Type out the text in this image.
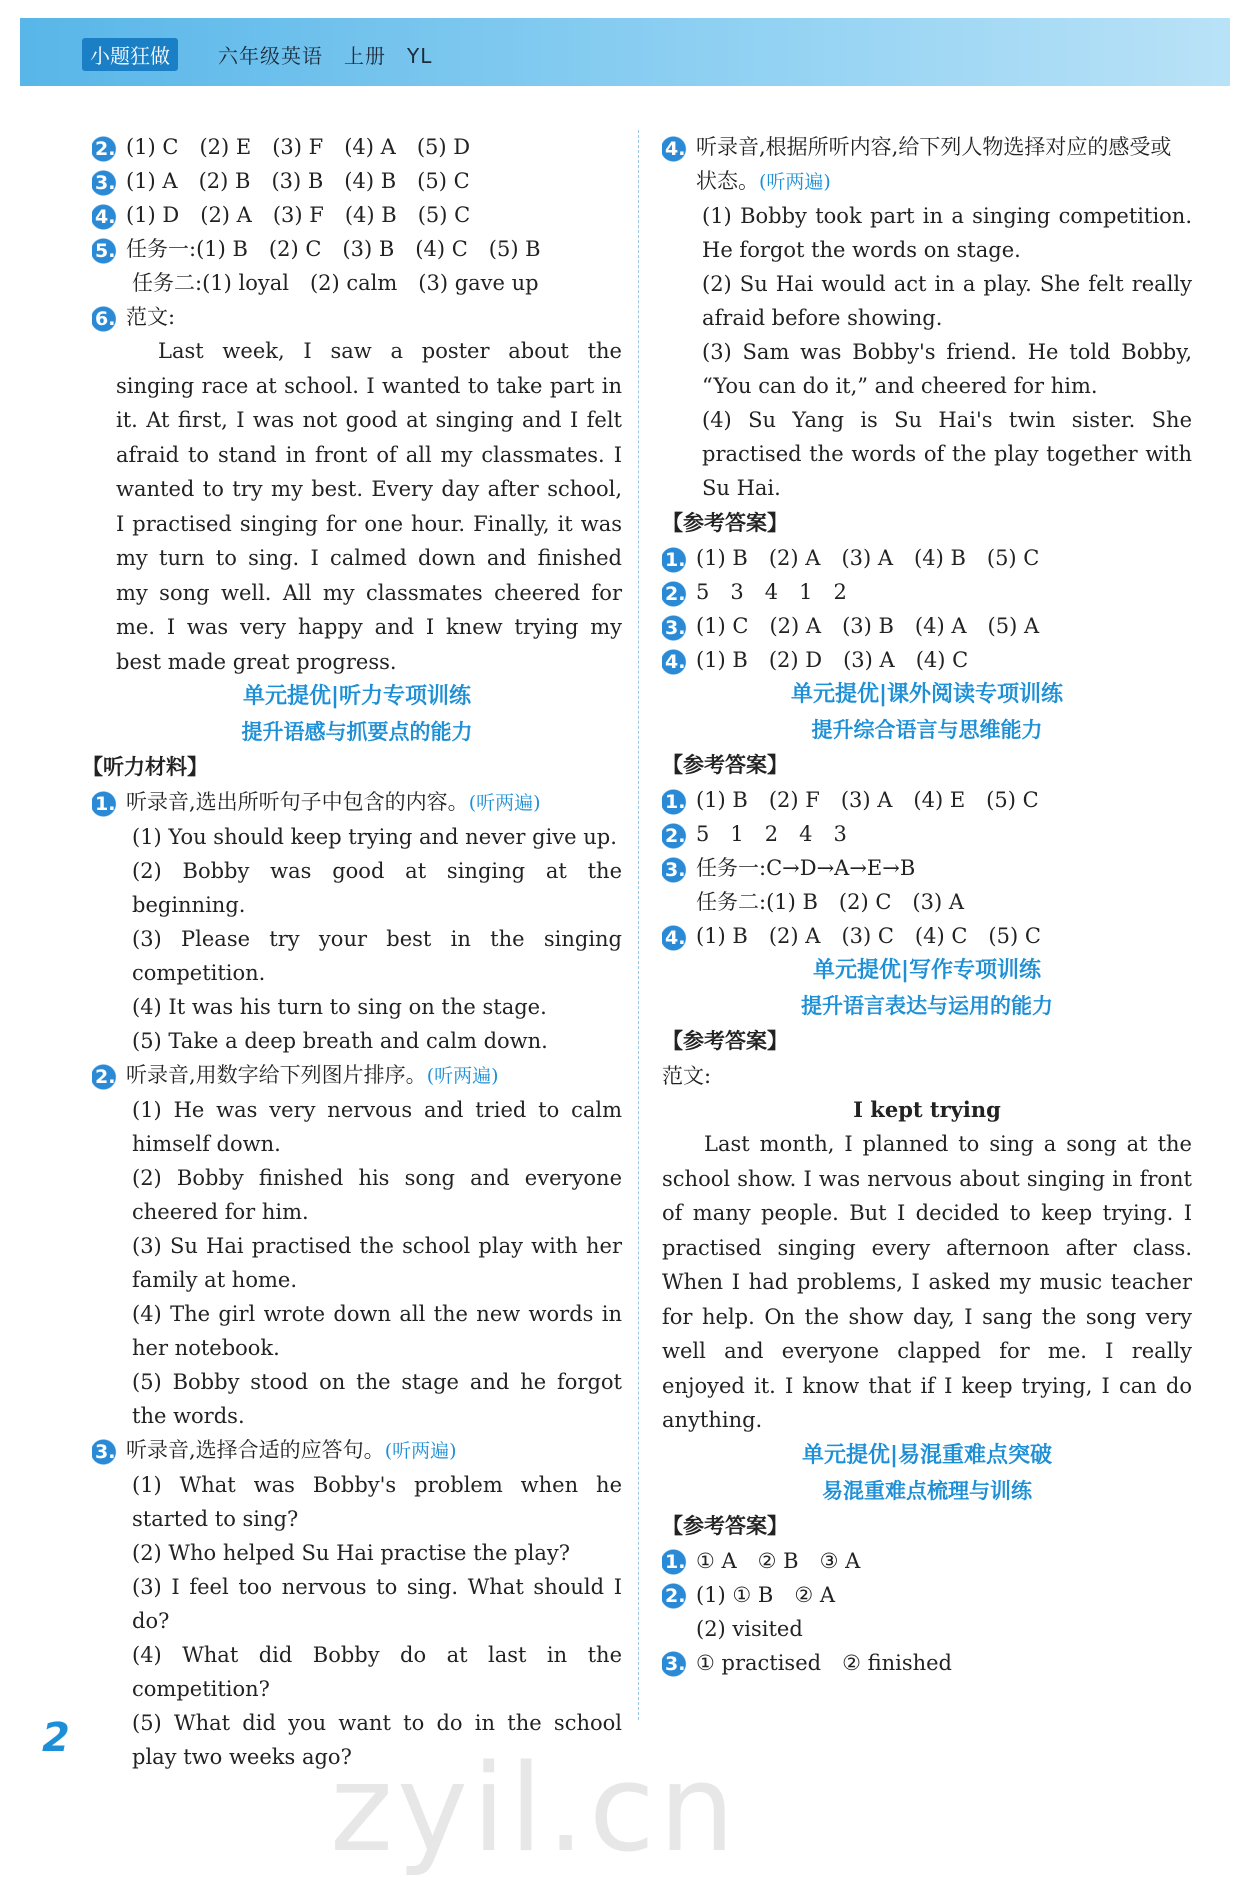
小题狂做	六年级英语　上册　YL
2. (1) C　(2) E　(3) F　(4) A　(5) D
3. (1) A　(2) B　(3) B　(4) B　(5) C
4. (1) D　(2) A　(3) F　(4) B　(5) C
5. 任务一:(1) B　(2) C　(3) B　(4) C　(5) B
任务二:(1) loyal　(2) calm　(3) gave up
6. 范文:
Last week, I saw a poster about the singing race at school. I wanted to take part in it. At first, I was not good at singing and I felt afraid to stand in front of all my classmates. I wanted to try my best. Every day after school, I practised singing for one hour. Finally, it was my turn to sing. I calmed down and finished my song well. All my classmates cheered for me. I was very happy and I knew trying my best made great progress.
单元提优|听力专项训练
提升语感与抓要点的能力
【听力材料】
1. 听录音,选出所听句子中包含的内容。(听两遍)
(1) You should keep trying and never give up.
(2) Bobby was good at singing at the beginning.
(3) Please try your best in the singing competition.
(4) It was his turn to sing on the stage.
(5) Take a deep breath and calm down.
2. 听录音,用数字给下列图片排序。(听两遍)
(1) He was very nervous and tried to calm himself down.
(2) Bobby finished his song and everyone cheered for him.
(3) Su Hai practised the school play with her family at home.
(4) The girl wrote down all the new words in her notebook.
(5) Bobby stood on the stage and he forgot the words.
3. 听录音,选择合适的应答句。(听两遍)
(1) What was Bobby's problem when he started to sing?
(2) Who helped Su Hai practise the play?
(3) I feel too nervous to sing. What should I do?
(4) What did Bobby do at last in the competition?
(5) What did you want to do in the school play two weeks ago?
4. 听录音,根据所听内容,给下列人物选择对应的感受或状态。(听两遍)
(1) Bobby took part in a singing competition. He forgot the words on stage.
(2) Su Hai would act in a play. She felt really afraid before showing.
(3) Sam was Bobby's friend. He told Bobby, “You can do it,” and cheered for him.
(4) Su Yang is Su Hai's twin sister. She practised the words of the play together with Su Hai.
【参考答案】
1. (1) B　(2) A　(3) A　(4) B　(5) C
2. 5　3　4　1　2
3. (1) C　(2) A　(3) B　(4) A　(5) A
4. (1) B　(2) D　(3) A　(4) C
单元提优|课外阅读专项训练
提升综合语言与思维能力
【参考答案】
1. (1) B　(2) F　(3) A　(4) E　(5) C
2. 5　1　2　4　3
3. 任务一:C→D→A→E→B
任务二:(1) B　(2) C　(3) A
4. (1) B　(2) A　(3) C　(4) C　(5) C
单元提优|写作专项训练
提升语言表达与运用的能力
【参考答案】
范文:
I kept trying
Last month, I planned to sing a song at the school show. I was nervous about singing in front of many people. But I decided to keep trying. I practised singing every afternoon after class. When I had problems, I asked my music teacher for help. On the show day, I sang the song very well and everyone clapped for me. I really enjoyed it. I know that if I keep trying, I can do anything.
单元提优|易混重难点突破
易混重难点梳理与训练
【参考答案】
1. ① A　② B　③ A
2. (1) ① B　② A
(2) visited
3. ① practised　② finished
2
zyil.cn
